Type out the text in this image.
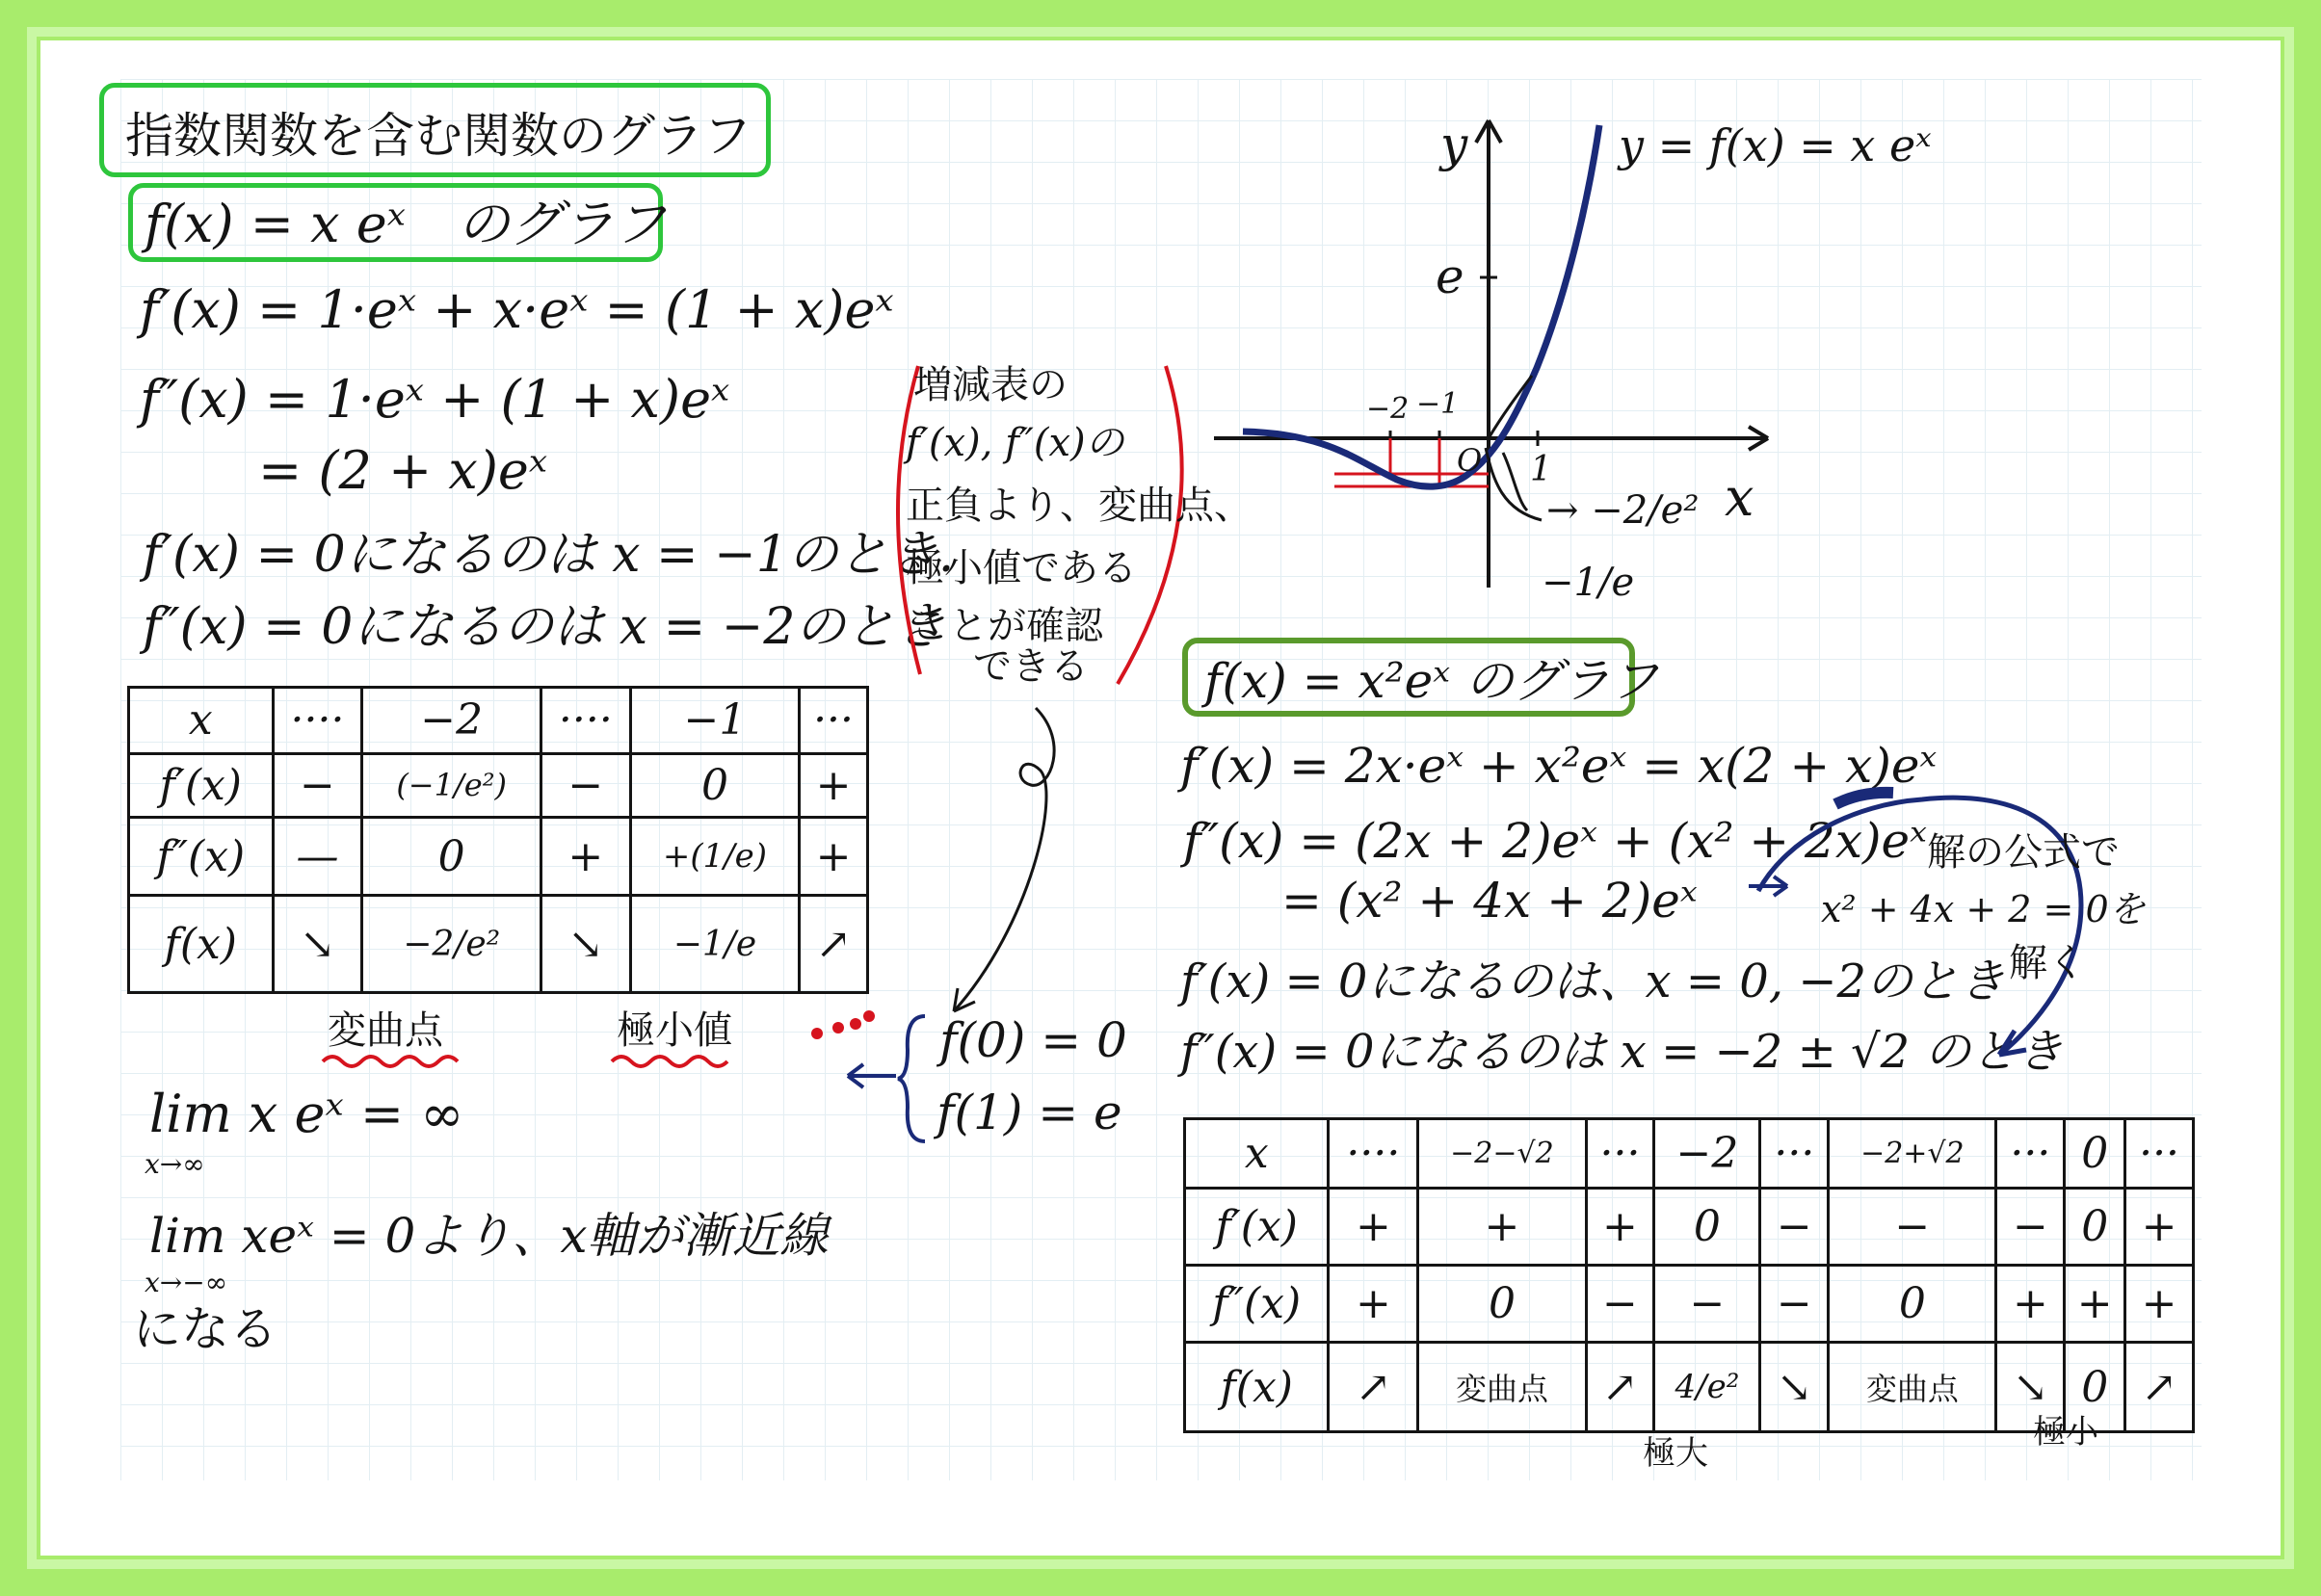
指数関数を含む関数のグラフ
f(x) = x eˣ　のグラフ
f′(x) = 1·eˣ + x·eˣ = (1 + x)eˣ
f″(x) = 1·eˣ + (1 + x)eˣ
= (2 + x)eˣ
f′(x) = 0になるのは x = −1のとき.
f″(x) = 0になるのは x = −2のとき
x	····	−2	····	−1	···
f′(x)	−	(−1/e²)	−	0	+
f″(x)	—	0	+	+(1/e)	+
f(x)	↘	−2/e²	↘	−1/e	↗
変曲点	極小値
lim x eˣ = ∞
x→∞
lim xeˣ = 0より、x軸が漸近線
x→−∞
になる
増減表の
f′(x), f″(x)の
正負より、変曲点、
極小値である
ことが確認
できる
f(0) = 0
f(1) = e
y	y = f(x) = x eˣ
e
−2 −1
O 1	x
→ −2/e²
−1/e
f(x) = x²eˣ のグラフ
f′(x) = 2x·eˣ + x²eˣ = x(2 + x)eˣ
f″(x) = (2x + 2)eˣ + (x² + 2x)eˣ
= (x² + 4x + 2)eˣ
f′(x) = 0になるのは、x = 0, −2のとき
f″(x) = 0になるのは x = −2 ± √2 のとき
解の公式で
x² + 4x + 2 = 0を
解く
x	····	−2−√2	···	−2	···	−2+√2	···	0	···
f′(x)	+	+	+	0	−	−	−	0	+
f″(x)	+	0	−	−	−	0	+	+	+
f(x)	↗	変曲点	↗	4/e²	↘	変曲点	↘	0	↗
極大
極小
